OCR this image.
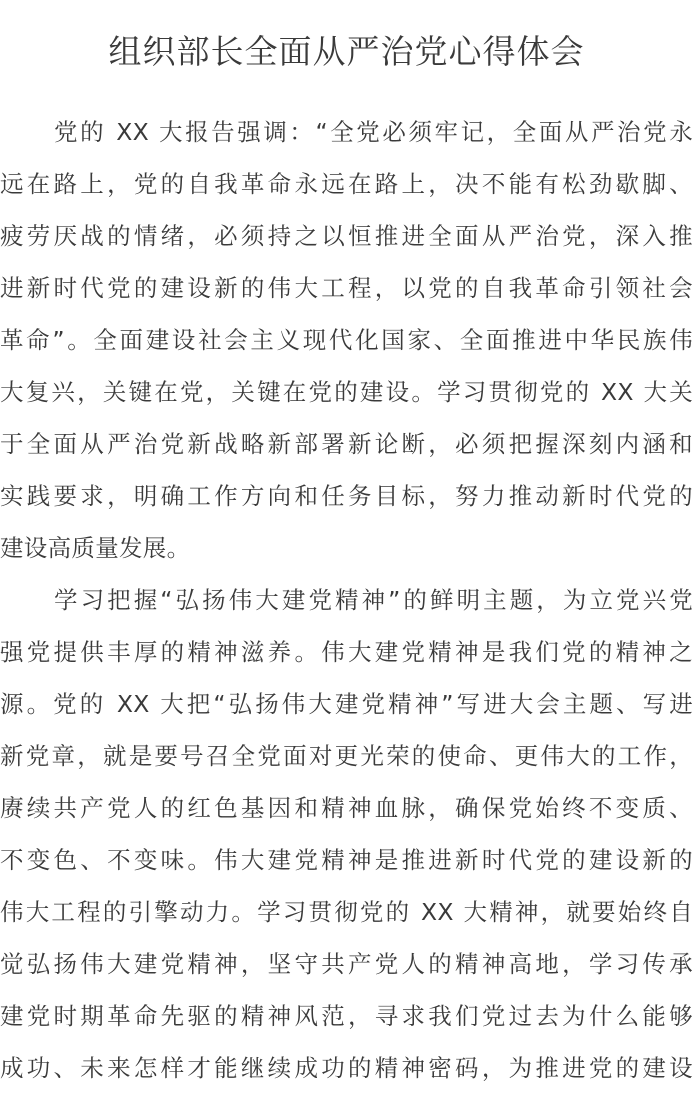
组织部长全面从严治党心得体会
党的 XX 大报告强调：“全党必须牢记，全面从严治党永
远在路上，党的自我革命永远在路上，决不能有松劲歇脚、
疲劳厌战的情绪，必须持之以恒推进全面从严治党，深入推
进新时代党的建设新的伟大工程，以党的自我革命引领社会
革命”。全面建设社会主义现代化国家、全面推进中华民族伟
大复兴，关键在党，关键在党的建设。学习贯彻党的 XX 大关
于全面从严治党新战略新部署新论断，必须把握深刻内涵和
实践要求，明确工作方向和任务目标，努力推动新时代党的
建设高质量发展。
学习把握“弘扬伟大建党精神”的鲜明主题，为立党兴党
强党提供丰厚的精神滋养。伟大建党精神是我们党的精神之
源。党的 XX 大把“弘扬伟大建党精神”写进大会主题、写进
新党章，就是要号召全党面对更光荣的使命、更伟大的工作，
赓续共产党人的红色基因和精神血脉，确保党始终不变质、
不变色、不变味。伟大建党精神是推进新时代党的建设新的
伟大工程的引擎动力。学习贯彻党的 XX 大精神，就要始终自
觉弘扬伟大建党精神，坚守共产党人的精神高地，学习传承
建党时期革命先驱的精神风范，寻求我们党过去为什么能够
成功、未来怎样才能继续成功的精神密码，为推进党的建设
